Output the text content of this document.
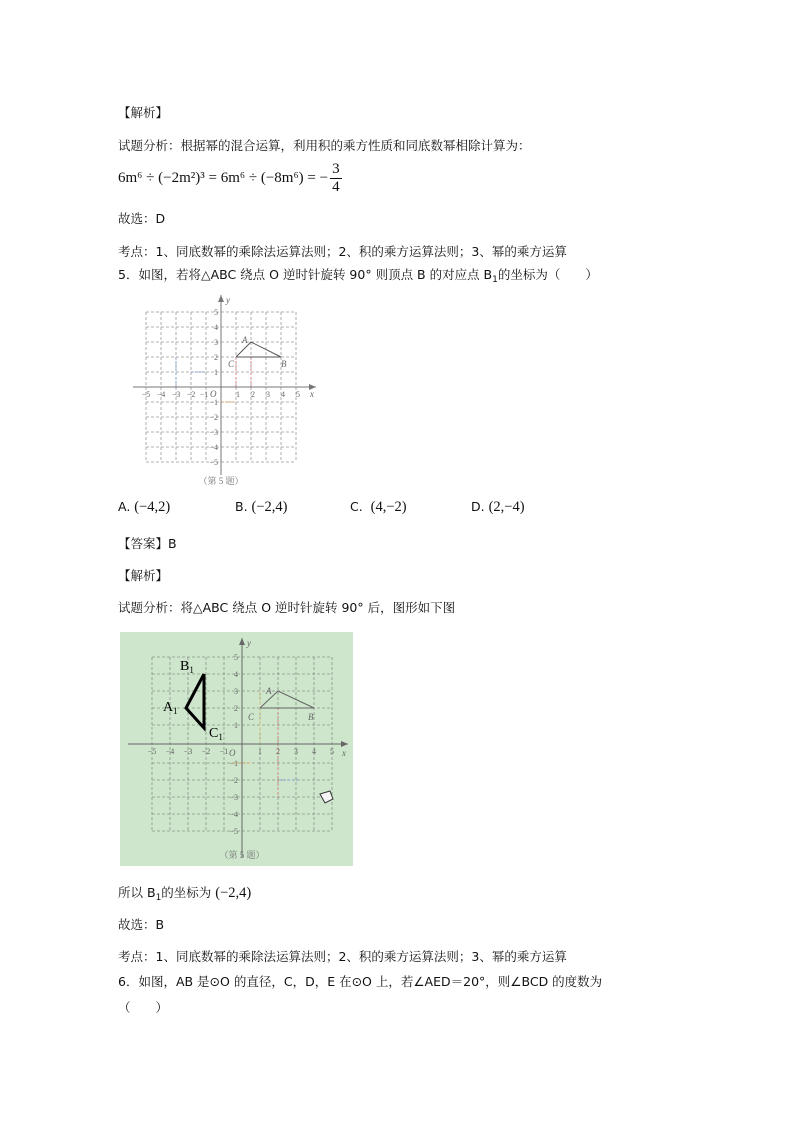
【解析】
试题分析：根据幂的混合运算，利用积的乘方性质和同底数幂相除计算为：
6m⁶ ÷ (−2m²)³ = 6m⁶ ÷ (−8m⁶) = − $\frac{3}{4}$
故选：D
考点：1、同底数幂的乘除法运算法则；2、积的乘方运算法则；3、幂的乘方运算
5．如图，若将△ABC 绕点 O 逆时针旋转 90° 则顶点 B 的对应点 $B_1$的坐标为（　　）
y
x
O
A
B
C
−5 −4 −3 −2 −1	1 2 3 4 5
5
4
3
2
1
−1
−2
−3
−4
−5
（第 5 题）
A. (−4,2)	B. (−2,4)	C. (4,−2)	D. (2,−4)
【答案】B
【解析】
试题分析：将△ABC 绕点 O 逆时针旋转 90° 后，图形如下图
−5 −4 −3 −2 −1	1 2 3 4 5
5
4
3
2
1
−1
−2
−3
−4
−5
y
x
O
A
B
C
$B_1$
$A_1$
$C_1$
（第 5 题）
所以 $B_1$的坐标为 (−2,4)
故选：B
考点：1、同底数幂的乘除法运算法则；2、积的乘方运算法则；3、幂的乘方运算
6．如图，AB 是⊙O 的直径，C，D，E 在⊙O 上，若∠AED＝20°，则∠BCD 的度数为
（　　）
